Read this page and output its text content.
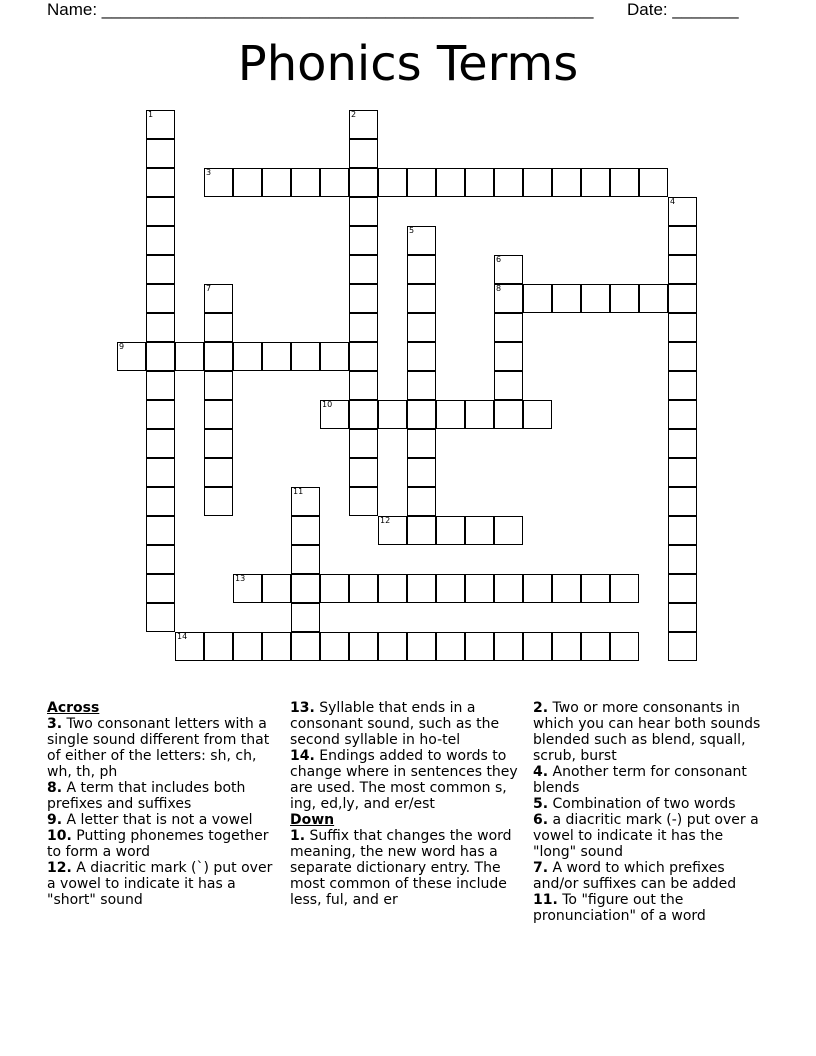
Name: ____________________________________________________ Date: _______
Phonics Terms
1	2
3
4
5
6
8
7
9
10
11
12
13
14

Across

3. Two consonant letters with a single sound different from that of either of the letters: sh, ch, wh, th, ph

8. A term that includes both prefixes and suffixes

9. A letter that is not a vowel

10. Putting phonemes together to form a word

12. A diacritic mark (`) put over a vowel to indicate it has a "short" sound

13. Syllable that ends in a consonant sound, such as the second syllable in ho-tel

14. Endings added to words to change where in sentences they are used. The most common s, ing, ed,ly, and er/est

Down

1. Suffix that changes the word meaning, the new word has a separate dictionary entry. The most common of these include less, ful, and er

2. Two or more consonants in which you can hear both sounds blended such as blend, squall, scrub, burst

4. Another term for consonant blends

5. Combination of two words

6. a diacritic mark (-) put over a vowel to indicate it has the "long" sound

7. A word to which prefixes and/or suffixes can be added

11. To "figure out the pronunciation" of a word
